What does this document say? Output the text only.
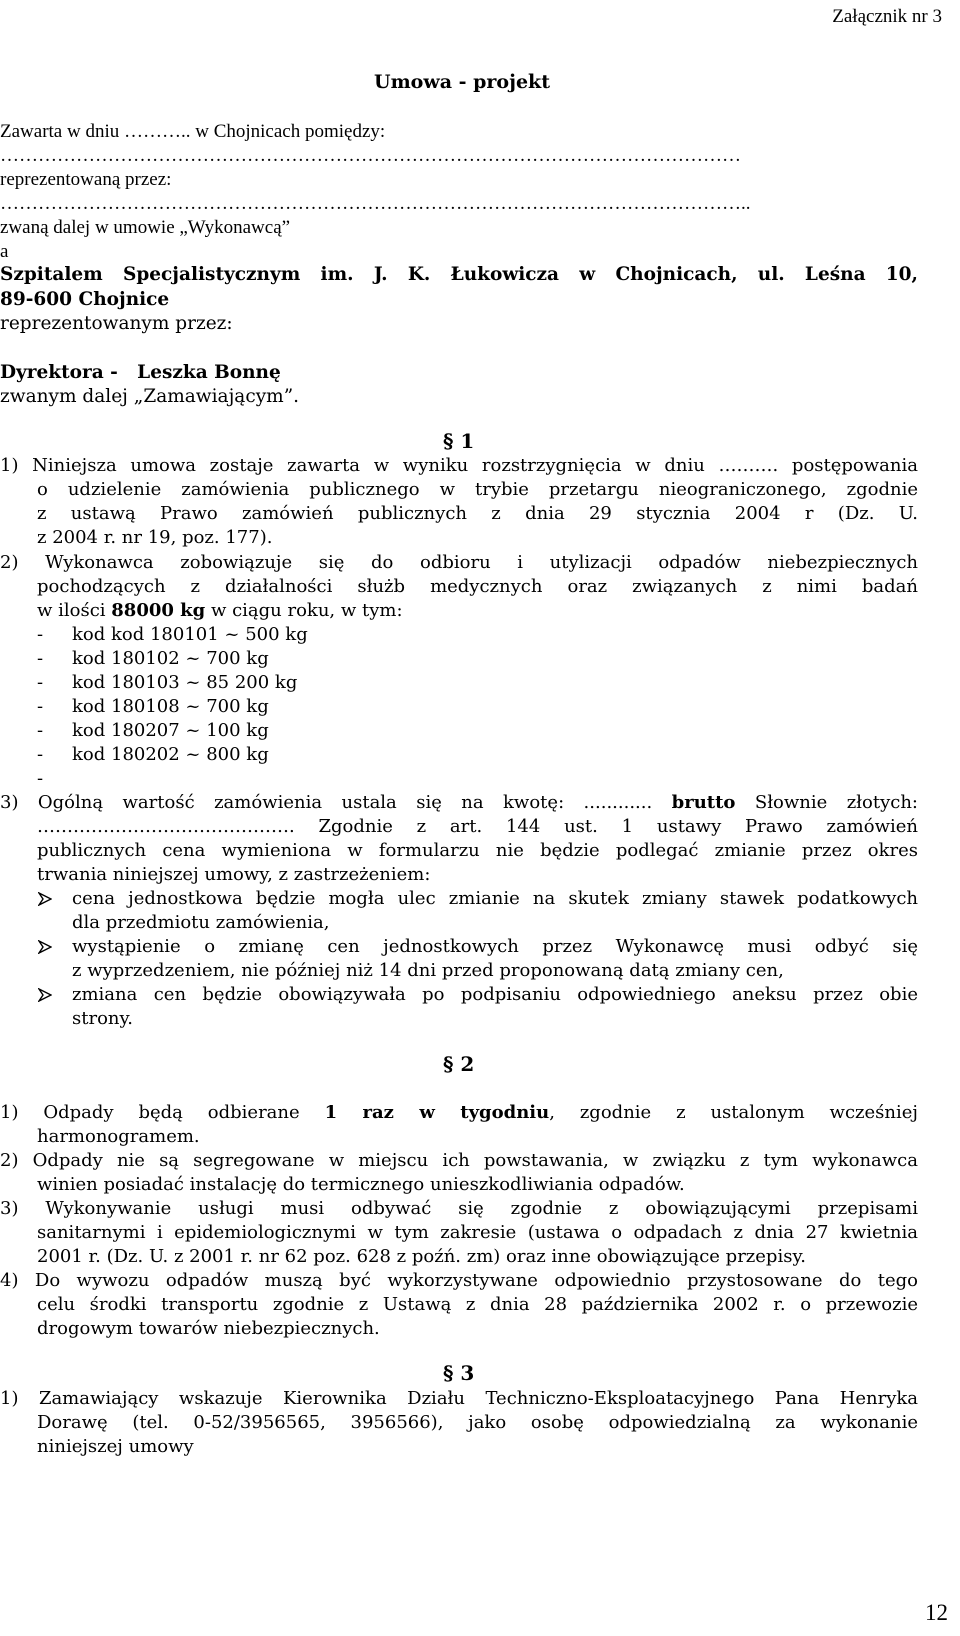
Załącznik nr 3
Umowa - projekt
Zawarta w dniu ……….. w Chojnicach pomiędzy:
………………………………………………………………………………………………………
reprezentowaną przez:
………………………………………………………………………………………………………..
zwaną dalej w umowie „Wykonawcą”
a
Szpitalem Specjalistycznym im. J. K. Łukowicza w Chojnicach, ul. Leśna 10,
89-600 Chojnice
reprezentowanym przez:
Dyrektora -   Leszka Bonnę
zwanym dalej „Zamawiającym”.
§ 1
1) Niniejsza umowa zostaje zawarta w wyniku rozstrzygnięcia w dniu ………. postępowania
o udzielenie zamówienia publicznego w trybie przetargu nieograniczonego, zgodnie
z ustawą Prawo zamówień publicznych z dnia 29 stycznia 2004 r (Dz. U.
z 2004 r. nr 19, poz. 177).
2) Wykonawca zobowiązuje się do odbioru i utylizacji odpadów niebezpiecznych
pochodzących z działalności służb medycznych oraz związanych z nimi badań
w ilości 88000 kg w ciągu roku, w tym:
- kod kod 180101 ~ 500 kg
- kod 180102 ~ 700 kg
- kod 180103 ~ 85 200 kg
- kod 180108 ~ 700 kg
- kod 180207 ~ 100 kg
- kod 180202 ~ 800 kg
-
3) Ogólną wartość zamówienia ustala się na kwotę: ............ brutto Słownie złotych:
……………………………………. Zgodnie z art. 144 ust. 1 ustawy Prawo zamówień
publicznych cena wymieniona w formularzu nie będzie podlegać zmianie przez okres
trwania niniejszej umowy, z zastrzeżeniem:
cena jednostkowa będzie mogła ulec zmianie na skutek zmiany stawek podatkowych
dla przedmiotu zamówienia,
wystąpienie o zmianę cen jednostkowych przez Wykonawcę musi odbyć się
z wyprzedzeniem, nie później niż 14 dni przed proponowaną datą zmiany cen,
zmiana cen będzie obowiązywała po podpisaniu odpowiedniego aneksu przez obie
strony.
§ 2
1) Odpady będą odbierane 1 raz w tygodniu, zgodnie z ustalonym wcześniej
harmonogramem.
2) Odpady nie są segregowane w miejscu ich powstawania, w związku z tym wykonawca
winien posiadać instalację do termicznego unieszkodliwiania odpadów.
3) Wykonywanie usługi musi odbywać się zgodnie z obowiązującymi przepisami
sanitarnymi i epidemiologicznymi w tym zakresie (ustawa o odpadach z dnia 27 kwietnia
2001 r. (Dz. U. z 2001 r. nr 62 poz. 628 z poźń. zm) oraz inne obowiązujące przepisy.
4) Do wywozu odpadów muszą być wykorzystywane odpowiednio przystosowane do tego
celu środki transportu zgodnie z Ustawą z dnia 28 października 2002 r. o przewozie
drogowym towarów niebezpiecznych.
§ 3
1) Zamawiający wskazuje Kierownika Działu Techniczno-Eksploatacyjnego Pana Henryka
Dorawę (tel. 0-52/3956565, 3956566), jako osobę odpowiedzialną za wykonanie
niniejszej umowy
12
